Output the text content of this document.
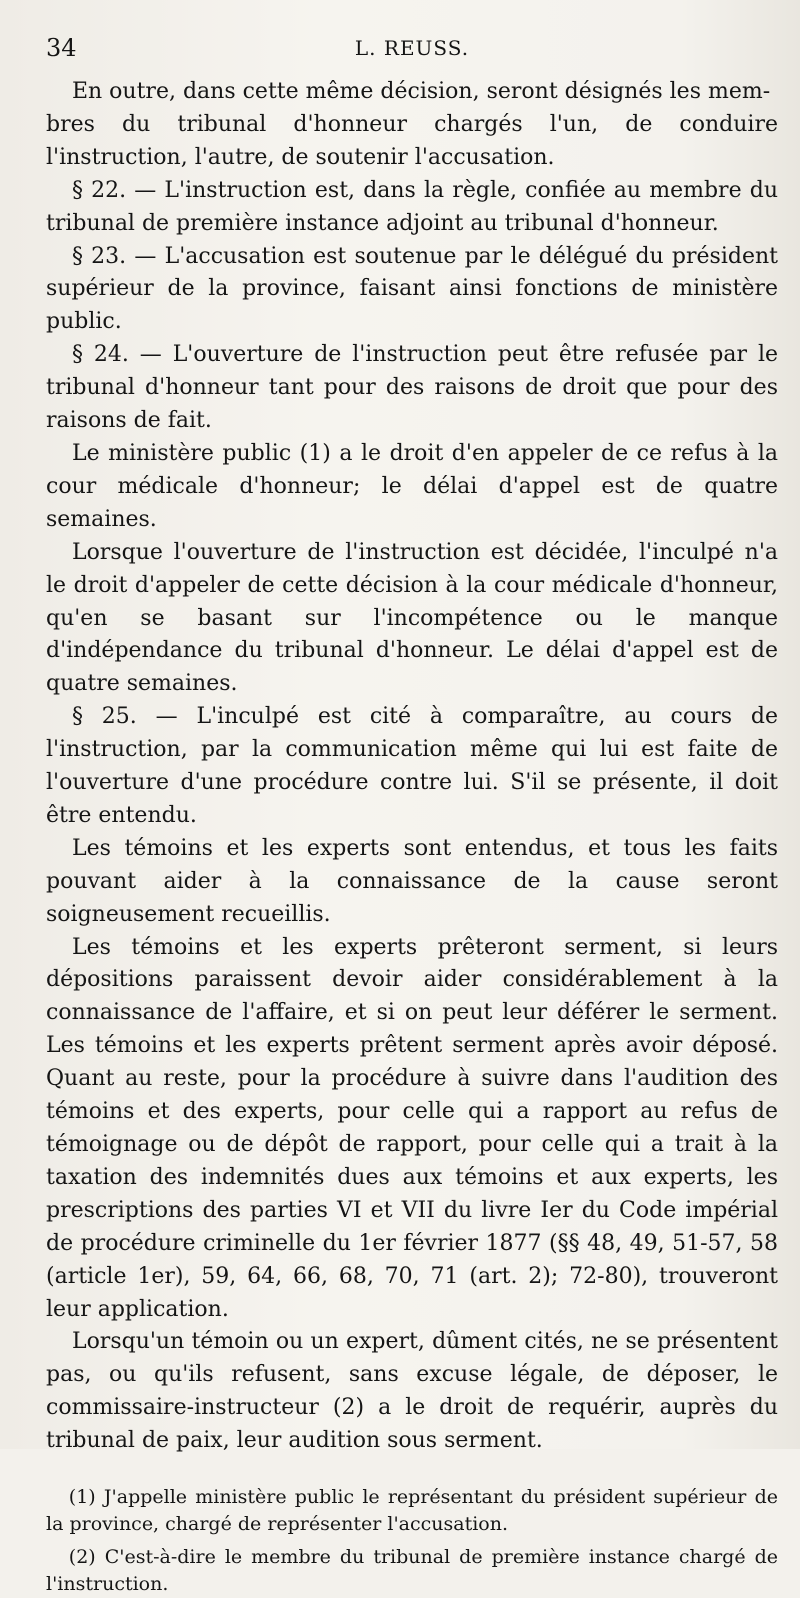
34	L. REUSS.

En outre, dans cette même décision, seront désignés les mem-

bres du tribunal d'honneur chargés l'un, de conduire l'instruction, l'autre, de soutenir l'accusation.

§ 22. — L'instruction est, dans la règle, confiée au membre du tribunal de première instance adjoint au tribunal d'honneur.

§ 23. — L'accusation est soutenue par le délégué du président supérieur de la province, faisant ainsi fonctions de ministère public.

§ 24. — L'ouverture de l'instruction peut être refusée par le tribunal d'honneur tant pour des raisons de droit que pour des raisons de fait.

Le ministère public (1) a le droit d'en appeler de ce refus à la cour médicale d'honneur; le délai d'appel est de quatre semaines.

Lorsque l'ouverture de l'instruction est décidée, l'inculpé n'a le droit d'appeler de cette décision à la cour médicale d'honneur, qu'en se basant sur l'incompétence ou le manque d'indépendance du tribunal d'honneur. Le délai d'appel est de quatre semaines.

§ 25. — L'inculpé est cité à comparaître, au cours de l'instruction, par la communication même qui lui est faite de l'ouverture d'une procédure contre lui. S'il se présente, il doit être entendu.

Les témoins et les experts sont entendus, et tous les faits pouvant aider à la connaissance de la cause seront soigneusement recueillis.

Les témoins et les experts prêteront serment, si leurs dépositions paraissent devoir aider considérablement à la connaissance de l'affaire, et si on peut leur déférer le serment. Les témoins et les experts prêtent serment après avoir déposé. Quant au reste, pour la procédure à suivre dans l'audition des témoins et des experts, pour celle qui a rapport au refus de témoignage ou de dépôt de rapport, pour celle qui a trait à la taxation des indemnités dues aux témoins et aux experts, les prescriptions des parties VI et VII du livre Ier du Code impérial de procédure criminelle du 1er février 1877 (§§ 48, 49, 51-57, 58 (article 1er), 59, 64, 66, 68, 70, 71 (art. 2); 72-80), trouveront leur application.

Lorsqu'un témoin ou un expert, dûment cités, ne se présentent pas, ou qu'ils refusent, sans excuse légale, de déposer, le commissaire-instructeur (2) a le droit de requérir, auprès du tribunal de paix, leur audition sous serment.

(1) J'appelle ministère public le représentant du président supérieur de la province, chargé de représenter l'accusation.

(2) C'est-à-dire le membre du tribunal de première instance chargé de l'instruction.
